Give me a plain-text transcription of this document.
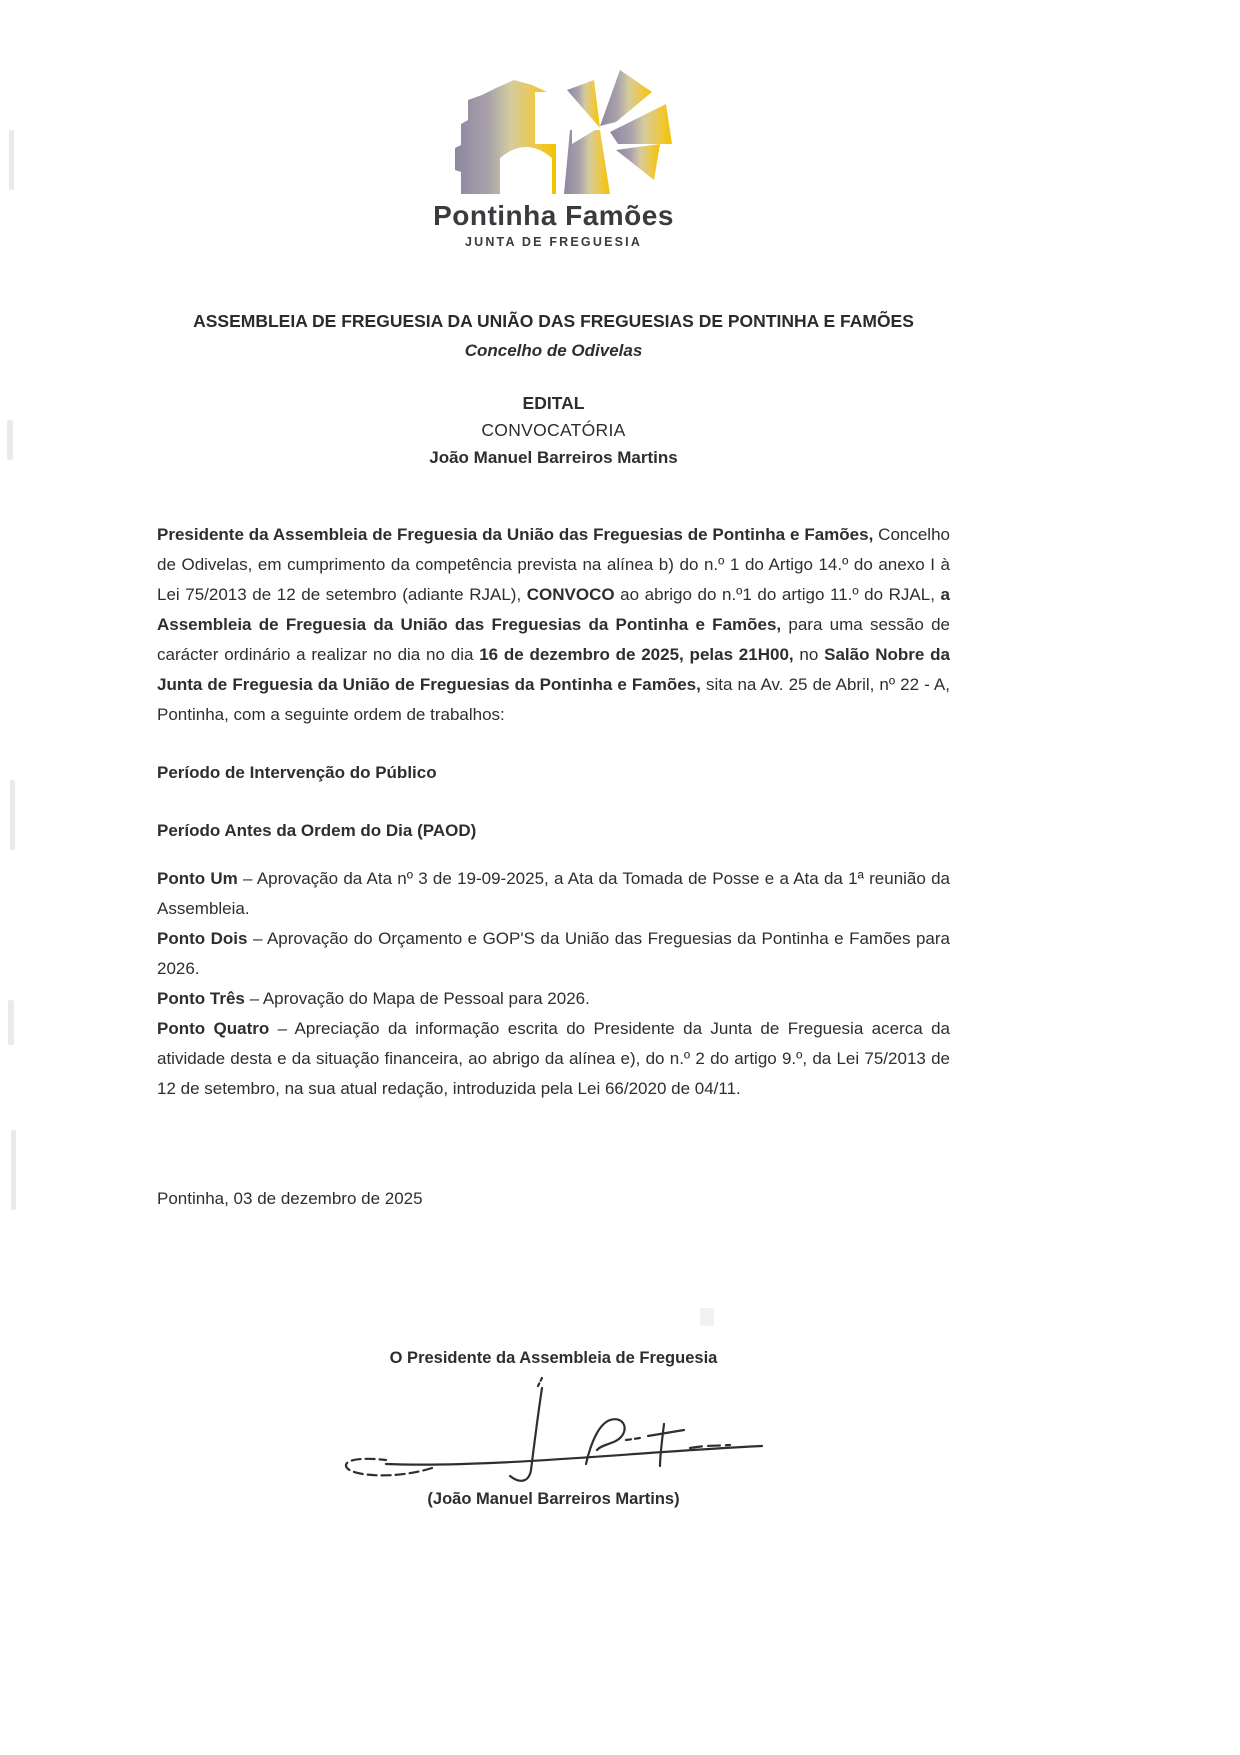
Pontinha Famões
JUNTA DE FREGUESIA
ASSEMBLEIA DE FREGUESIA DA UNIÃO DAS FREGUESIAS DE PONTINHA E FAMÕES
Concelho de Odivelas
EDITAL
CONVOCATÓRIA
João Manuel Barreiros Martins

Presidente da Assembleia de Freguesia da União das Freguesias de Pontinha e Famões, Concelho de Odivelas, em cumprimento da competência prevista na alínea b) do n.º 1 do Artigo 14.º do anexo I à Lei 75/2013 de 12 de setembro (adiante RJAL), CONVOCO ao abrigo do n.º1 do artigo 11.º do RJAL, a Assembleia de Freguesia da União das Freguesias da Pontinha e Famões, para uma sessão de carácter ordinário a realizar no dia no dia 16 de dezembro de 2025, pelas 21H00, no Salão Nobre da Junta de Freguesia da União de Freguesias da Pontinha e Famões, sita na Av. 25 de Abril, nº 22 - A, Pontinha, com a seguinte ordem de trabalhos:

Período de Intervenção do Público
Período Antes da Ordem do Dia (PAOD)

Ponto Um – Aprovação da Ata nº 3 de 19-09-2025, a Ata da Tomada de Posse e a Ata da 1ª reunião da Assembleia.

Ponto Dois – Aprovação do Orçamento e GOP'S da União das Freguesias da Pontinha e Famões para 2026.

Ponto Três – Aprovação do Mapa de Pessoal para 2026.

Ponto Quatro – Apreciação da informação escrita do Presidente da Junta de Freguesia acerca da atividade desta e da situação financeira, ao abrigo da alínea e), do n.º 2 do artigo 9.º, da Lei 75/2013 de 12 de setembro, na sua atual redação, introduzida pela Lei 66/2020 de 04/11.

Pontinha, 03 de dezembro de 2025
O Presidente da Assembleia de Freguesia
(João Manuel Barreiros Martins)
